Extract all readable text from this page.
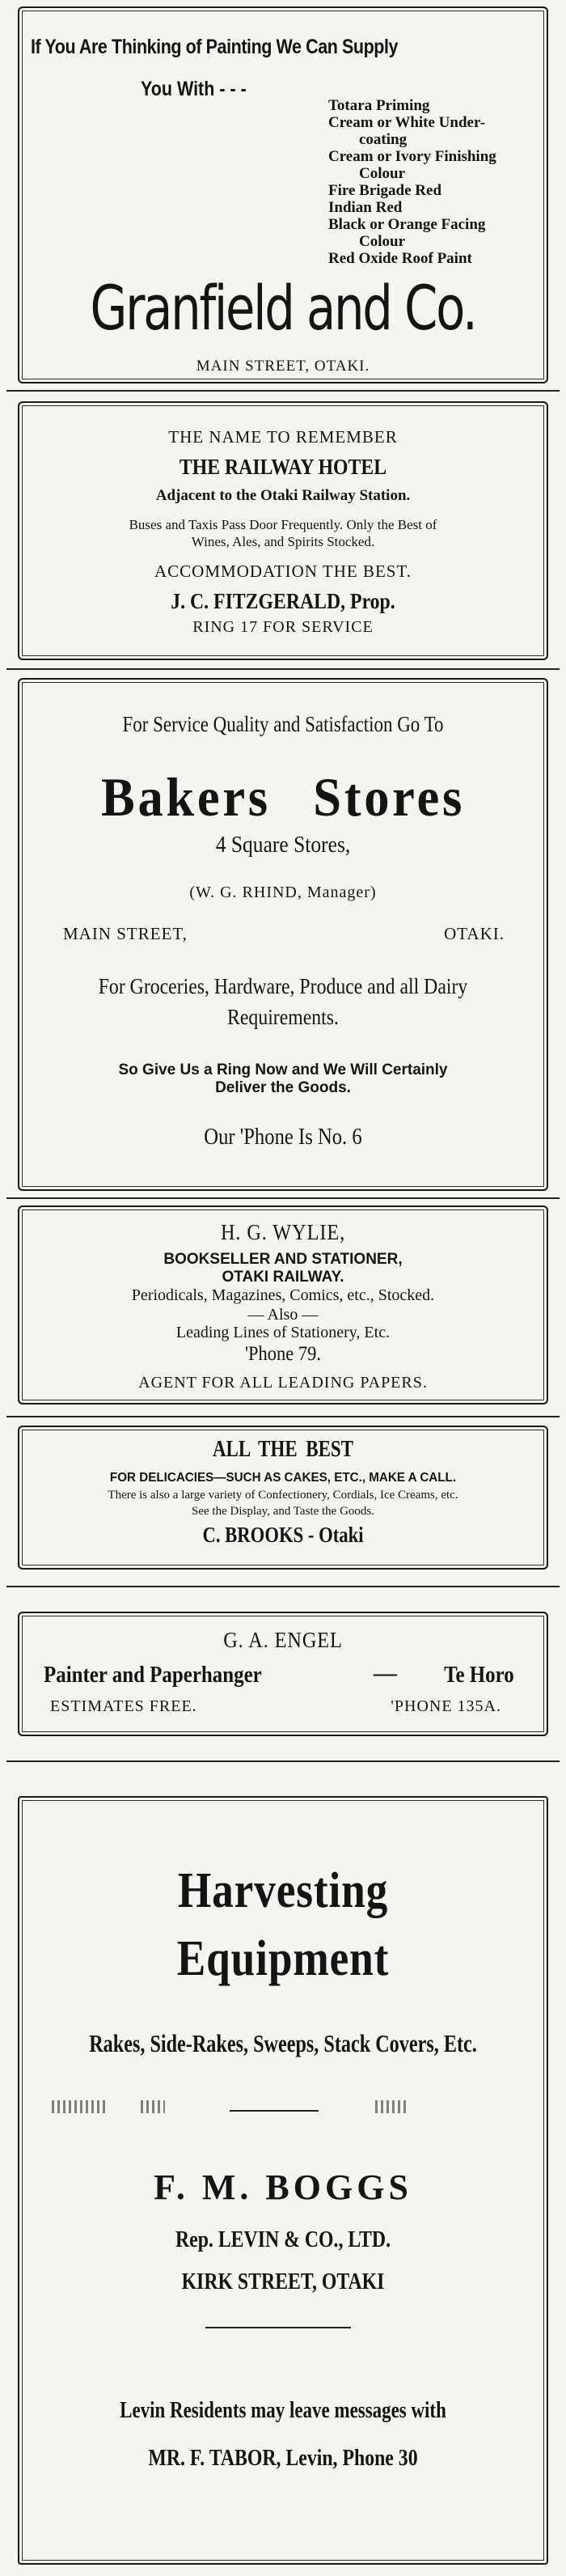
If You Are Thinking of Painting We Can Supply
You With - - -
Totara Priming
Cream or White Under-
coating
Cream or Ivory Finishing
Colour
Fire Brigade Red
Indian Red
Black or Orange Facing
Colour
Red Oxide Roof Paint
Granfield and Co.
MAIN STREET, OTAKI.
THE NAME TO REMEMBER
THE RAILWAY HOTEL
Adjacent to the Otaki Railway Station.
Buses and Taxis Pass Door Frequently. Only the Best of
Wines, Ales, and Spirits Stocked.
ACCOMMODATION THE BEST.
J. C. FITZGERALD, Prop.
RING 17 FOR SERVICE
For Service Quality and Satisfaction Go To
Bakers Stores
4 Square Stores,
(W. G. RHIND, Manager)
MAIN STREET,	OTAKI.
For Groceries, Hardware, Produce and all Dairy
Requirements.
So Give Us a Ring Now and We Will Certainly
Deliver the Goods.
Our 'Phone Is No. 6
H. G. WYLIE,
BOOKSELLER AND STATIONER,
OTAKI RAILWAY.
Periodicals, Magazines, Comics, etc., Stocked.
— Also —
Leading Lines of Stationery, Etc.
'Phone 79.
AGENT FOR ALL LEADING PAPERS.
ALL THE BEST
FOR DELICACIES—SUCH AS CAKES, ETC., MAKE A CALL.
There is also a large variety of Confectionery, Cordials, Ice Creams, etc.
See the Display, and Taste the Goods.
C. BROOKS - Otaki
G. A. ENGEL
Painter and Paperhanger	— Te Horo
ESTIMATES FREE.	'PHONE 135A.
Harvesting
Equipment
Rakes, Side-Rakes, Sweeps, Stack Covers, Etc.
F. M. BOGGS
Rep. LEVIN & CO., LTD.
KIRK STREET, OTAKI
Levin Residents may leave messages with
MR. F. TABOR, Levin, Phone 30
